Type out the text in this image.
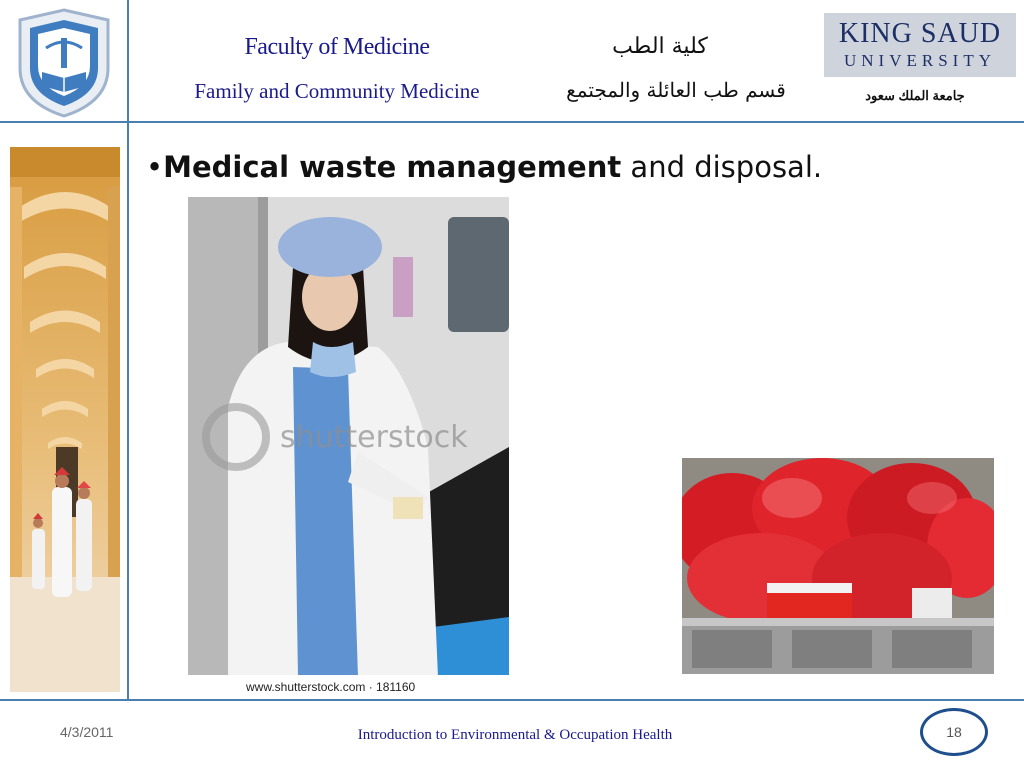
Faculty of Medicine
Family and Community Medicine
كلية الطب
قسم طب العائلة والمجتمع
KING SAUD
UNIVERSITY
جامعة الملك سعود
•Medical waste management and disposal.
shutterstock
www.shutterstock.com · 181160
4/3/2011	Introduction to Environmental & Occupation Health	18
